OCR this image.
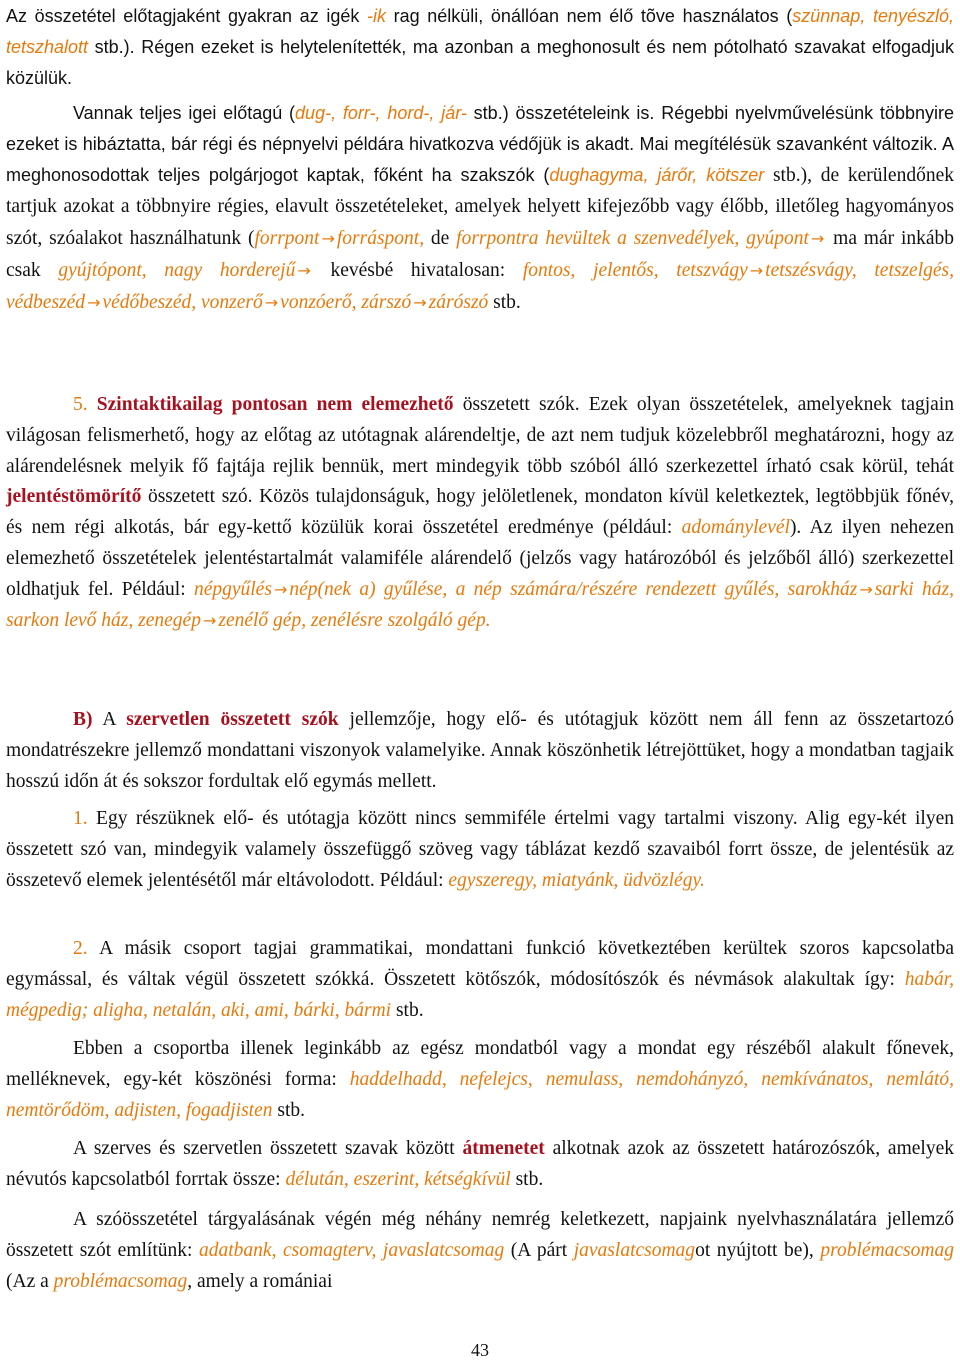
Az összetétel előtagjaként gyakran az igék -ik rag nélküli, önállóan nem élő tõve használatos (szünnap, tenyészló, tetszhalott stb.). Régen ezeket is helytelenítették, ma azonban a meghonosult és nem pótolható szavakat elfogadjuk közülük.

Vannak teljes igei előtagú (dug-, forr-, hord-, jár- stb.) összetételeink is. Régebbi nyelvművelésünk többnyire ezeket is hibáztatta, bár régi és népnyelvi példára hivatkozva védőjük is akadt. Mai megítélésük szavanként változik. A meghonosodottak teljes polgárjogot kaptak, főként ha szakszók (dughagyma, járőr, kötszer stb.), de kerülendőnek tartjuk azokat a többnyire régies, elavult összetételeket, amelyek helyett kifejezőbb vagy élőbb, illetőleg hagyományos szót, szóalakot használhatunk (forrpont → forráspont, de forrpontra hevültek a szenvedélyek, gyúpont → ma már inkább csak gyújtópont, nagy horderejű → kevésbé hivatalosan: fontos, jelentős, tetszvágy → tetszésvágy, tetszelgés, védbeszéd → védőbeszéd, vonzerő → vonzóerő, zárszó → zárószó stb.

5. Szintaktikailag pontosan nem elemezhető összetett szók. Ezek olyan összetételek, amelyeknek tagjain világosan felismerhető, hogy az előtag az utótagnak alárendeltje, de azt nem tudjuk közelebbről meghatározni, hogy az alárendelésnek melyik fő fajtája rejlik bennük, mert mindegyik több szóból álló szerkezettel írható csak körül, tehát jelentéstömörítő összetett szó. Közös tulajdonságuk, hogy jelöletlenek, mondaton kívül keletkeztek, legtöbbjük főnév, és nem régi alkotás, bár egy-kettő közülük korai összetétel eredménye (például: adománylevél). Az ilyen nehezen elemezhető összetételek jelentéstartalmát valamiféle alárendelő (jelzős vagy határozóból és jelzőből álló) szerkezettel oldhatjuk fel. Például: népgyűlés → nép(nek a) gyűlése, a nép számára/részére rendezett gyűlés, sarokház → sarki ház, sarkon levő ház, zenegép → zenélő gép, zenélésre szolgáló gép.

B) A szervetlen összetett szók jellemzője, hogy elő- és utótagjuk között nem áll fenn az összetartozó mondatrészekre jellemző mondattani viszonyok valamelyike. Annak köszönhetik létrejöttüket, hogy a mondatban tagjaik hosszú időn át és sokszor fordultak elő egymás mellett.

1. Egy részüknek elő- és utótagja között nincs semmiféle értelmi vagy tartalmi viszony. Alig egy-két ilyen összetett szó van, mindegyik valamely összefüggő szöveg vagy táblázat kezdő szavaiból forrt össze, de jelentésük az összetevő elemek jelentésétől már eltávolodott. Például: egyszeregy, miatyánk, üdvözlégy.

2. A másik csoport tagjai grammatikai, mondattani funkció következtében kerültek szoros kapcsolatba egymással, és váltak végül összetett szókká. Összetett kötőszók, módosítószók és névmások alakultak így: habár, mégpedig; aligha, netalán, aki, ami, bárki, bármi stb.

Ebben a csoportba illenek leginkább az egész mondatból vagy a mondat egy részéből alakult főnevek, melléknevek, egy-két köszönési forma: haddelhadd, nefelejcs, nemulass, nemdohányzó, nemkívánatos, nemlátó, nemtörődöm, adjisten, fogadjisten stb.

A szerves és szervetlen összetett szavak között átmenetet alkotnak azok az összetett határozószók, amelyek névutós kapcsolatból forrtak össze: délután, eszerint, kétségkívül stb.

A szóösszetétel tárgyalásának végén még néhány nemrég keletkezett, napjaink nyelvhasználatára jellemző összetett szót említünk: adatbank, csomagterv, javaslatcsomag (A párt javaslatcsomagot nyújtott be), problémacsomag (Az a problémacsomag, amely a romániai

43
